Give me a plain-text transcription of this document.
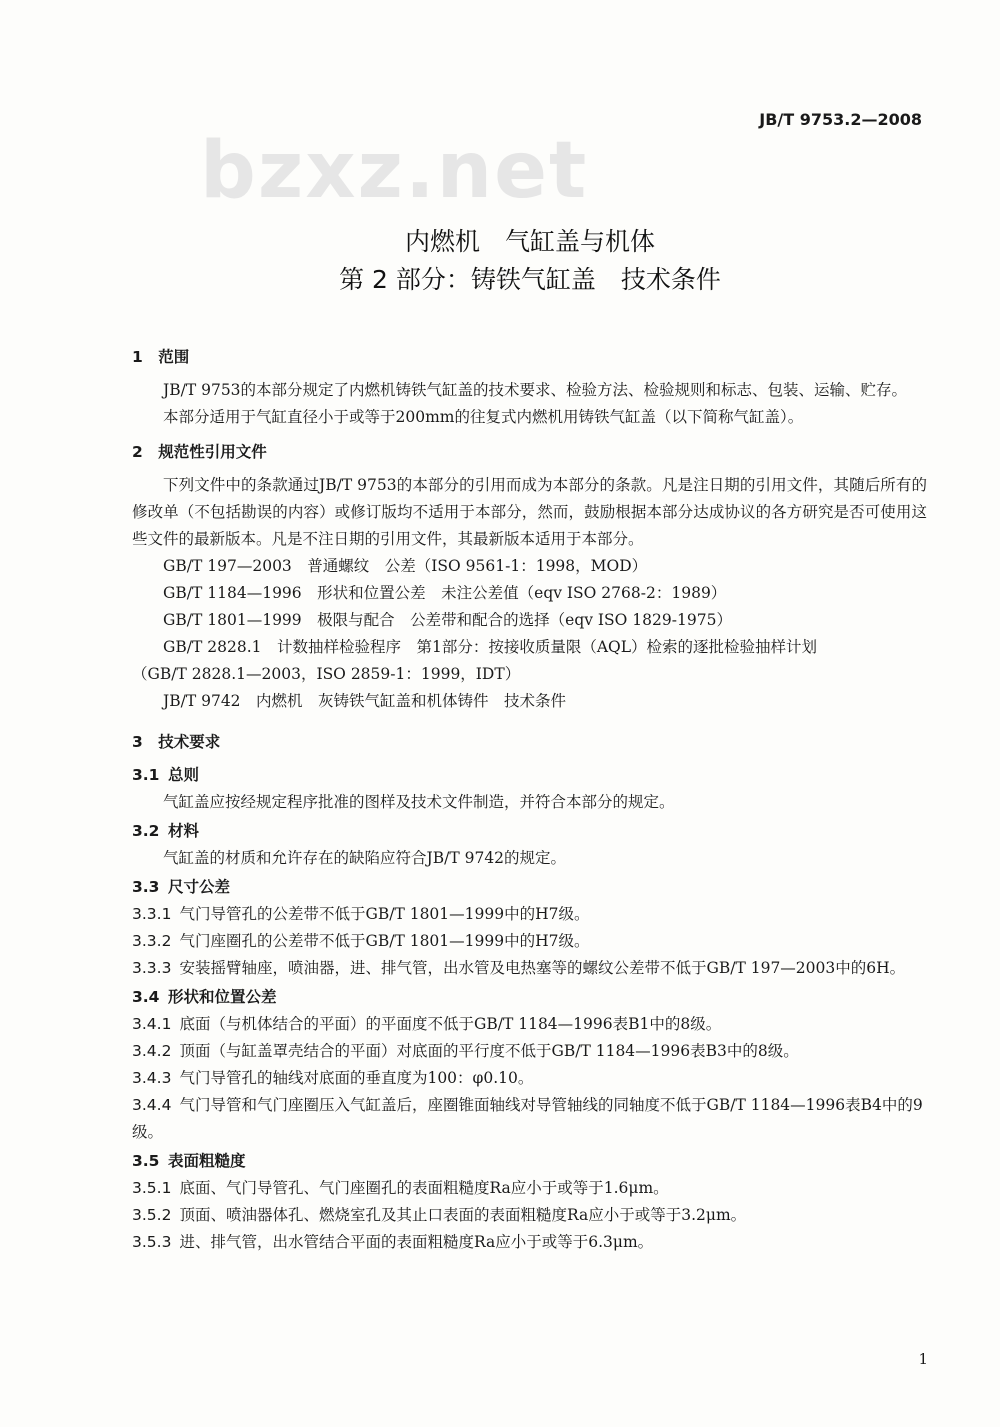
JB/T 9753.2—2008
bzxz.net
内燃机　气缸盖与机体
第 2 部分：铸铁气缸盖　技术条件
1　范围
JB/T 9753的本部分规定了内燃机铸铁气缸盖的技术要求、检验方法、检验规则和标志、包装、运输、贮存。
本部分适用于气缸直径小于或等于200mm的往复式内燃机用铸铁气缸盖（以下简称气缸盖）。
2　规范性引用文件
下列文件中的条款通过JB/T 9753的本部分的引用而成为本部分的条款。凡是注日期的引用文件，其随后所有的修改单（不包括勘误的内容）或修订版均不适用于本部分，然而，鼓励根据本部分达成协议的各方研究是否可使用这些文件的最新版本。凡是不注日期的引用文件，其最新版本适用于本部分。
GB/T 197—2003　普通螺纹　公差（ISO 9561-1：1998，MOD）
GB/T 1184—1996　形状和位置公差　未注公差值（eqv ISO 2768-2：1989）
GB/T 1801—1999　极限与配合　公差带和配合的选择（eqv ISO 1829-1975）
GB/T 2828.1　计数抽样检验程序　第1部分：按接收质量限（AQL）检索的逐批检验抽样计划
（GB/T 2828.1—2003，ISO 2859-1：1999，IDT）
JB/T 9742　内燃机　灰铸铁气缸盖和机体铸件　技术条件
3　技术要求
3.1 总则
气缸盖应按经规定程序批准的图样及技术文件制造，并符合本部分的规定。
3.2 材料
气缸盖的材质和允许存在的缺陷应符合JB/T 9742的规定。
3.3 尺寸公差
3.3.1 气门导管孔的公差带不低于GB/T 1801—1999中的H7级。
3.3.2 气门座圈孔的公差带不低于GB/T 1801—1999中的H7级。
3.3.3 安装摇臂轴座，喷油器，进、排气管，出水管及电热塞等的螺纹公差带不低于GB/T 197—2003中的6H。
3.4 形状和位置公差
3.4.1 底面（与机体结合的平面）的平面度不低于GB/T 1184—1996表B1中的8级。
3.4.2 顶面（与缸盖罩壳结合的平面）对底面的平行度不低于GB/T 1184—1996表B3中的8级。
3.4.3 气门导管孔的轴线对底面的垂直度为100：φ0.10。
3.4.4 气门导管和气门座圈压入气缸盖后，座圈锥面轴线对导管轴线的同轴度不低于GB/T 1184—1996表B4中的9级。
3.5 表面粗糙度
3.5.1 底面、气门导管孔、气门座圈孔的表面粗糙度Ra应小于或等于1.6μm。
3.5.2 顶面、喷油器体孔、燃烧室孔及其止口表面的表面粗糙度Ra应小于或等于3.2μm。
3.5.3 进、排气管，出水管结合平面的表面粗糙度Ra应小于或等于6.3μm。
1
